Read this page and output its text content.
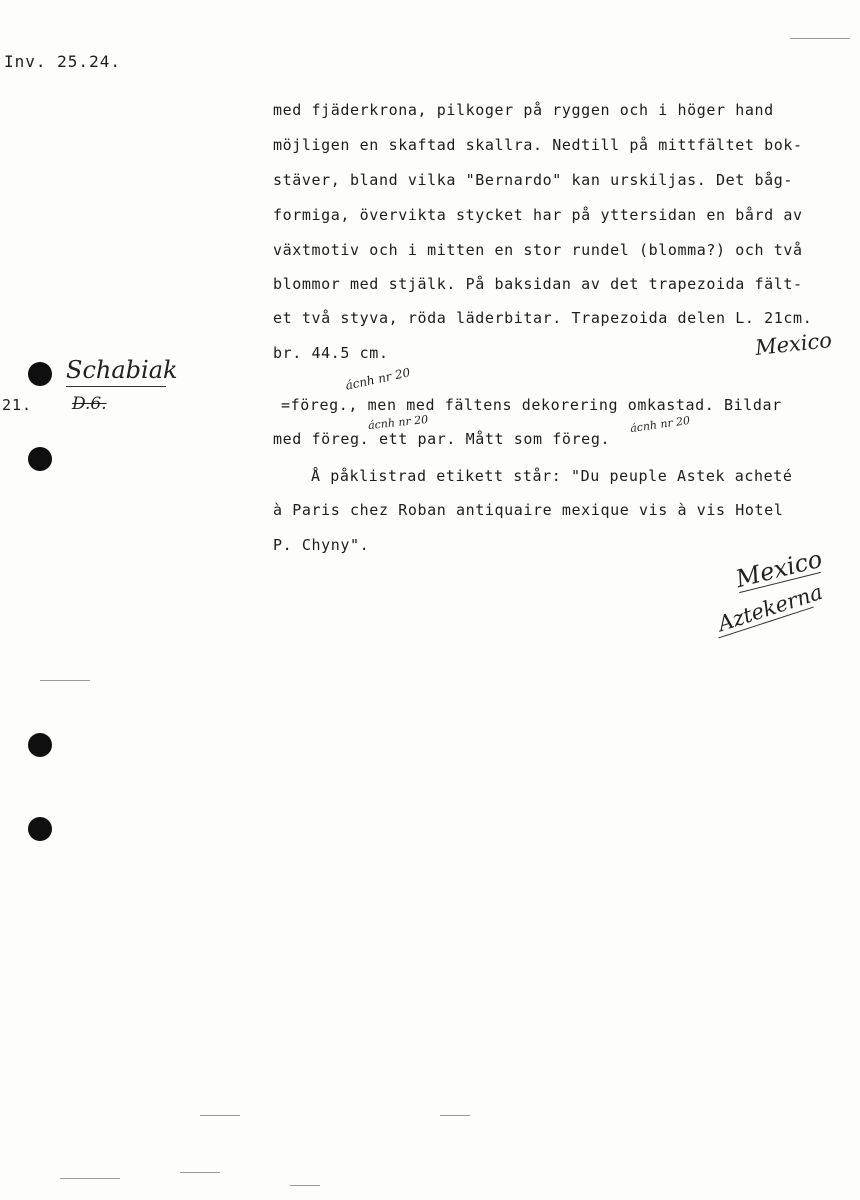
Inv. 25.24.
Schabiak
D.6.
21.
med fjäderkrona, pilkoger på ryggen och i höger hand
möjligen en skaftad skallra. Nedtill på mittfältet bok-
stäver, bland vilka "Bernardo" kan urskiljas. Det båg-
formiga, övervikta stycket har på yttersidan en bård av
växtmotiv och i mitten en stor rundel (blomma?) och två
blommor med stjälk. På baksidan av det trapezoida fält-
et två styva, röda läderbitar. Trapezoida delen L. 21cm.
br. 44.5 cm.
=föreg., men med fältens dekorering omkastad. Bildar
med föreg. ett par. Mått som föreg.
Å påklistrad etikett står: "Du peuple Astek acheté
à Paris chez Roban antiquaire mexique vis à vis Hotel
P. Chyny".
Mexico
ácnh nr 20
ácnh nr 20	ácnh nr 20
Mexico
Aztekerna
